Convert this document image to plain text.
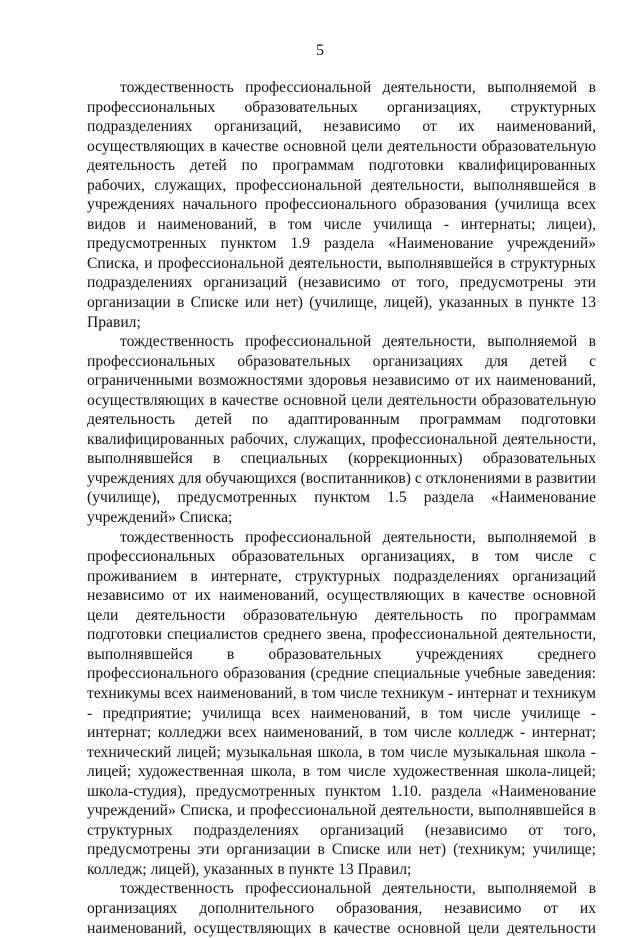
5

тождественность профессиональной деятельности, выполняемой в профессиональных образовательных организациях, структурных подразделениях организаций, независимо от их наименований, осуществляющих в качестве основной цели деятельности образовательную деятельность детей по программам подготовки квалифицированных рабочих, служащих, профессиональной деятельности, выполнявшейся в учреждениях начального профессионального образования (училища всех видов и наименований, в том числе училища - интернаты; лицеи), предусмотренных пунктом 1.9 раздела «Наименование учреждений» Списка, и профессиональной деятельности, выполнявшейся в структурных подразделениях организаций (независимо от того, предусмотрены эти организации в Списке или нет) (училище, лицей), указанных в пункте 13 Правил;

тождественность профессиональной деятельности, выполняемой в профессиональных образовательных организациях для детей с ограниченными возможностями здоровья независимо от их наименований, осуществляющих в качестве основной цели деятельности образовательную деятельность детей по адаптированным программам подготовки квалифицированных рабочих, служащих, профессиональной деятельности, выполнявшейся в специальных (коррекционных) образовательных учреждениях для обучающихся (воспитанников) с отклонениями в развитии (училище), предусмотренных пунктом 1.5 раздела «Наименование учреждений» Списка;

тождественность профессиональной деятельности, выполняемой в профессиональных образовательных организациях, в том числе с проживанием в интернате, структурных подразделениях организаций независимо от их наименований, осуществляющих в качестве основной цели деятельности образовательную деятельность по программам подготовки специалистов среднего звена, профессиональной деятельности, выполнявшейся в образовательных учреждениях среднего профессионального образования (средние специальные учебные заведения: техникумы всех наименований, в том числе техникум - интернат и техникум - предприятие; училища всех наименований, в том числе училище - интернат; колледжи всех наименований, в том числе колледж - интернат; технический лицей; музыкальная школа, в том числе музыкальная школа - лицей; художественная школа, в том числе художественная школа-лицей; школа-студия), предусмотренных пунктом 1.10. раздела «Наименование учреждений» Списка, и профессиональной деятельности, выполнявшейся в структурных подразделениях организаций (независимо от того, предусмотрены эти организации в Списке или нет) (техникум; училище; колледж; лицей), указанных в пункте 13 Правил;

тождественность профессиональной деятельности, выполняемой в организациях дополнительного образования, независимо от их наименований, осуществляющих в качестве основной цели деятельности
